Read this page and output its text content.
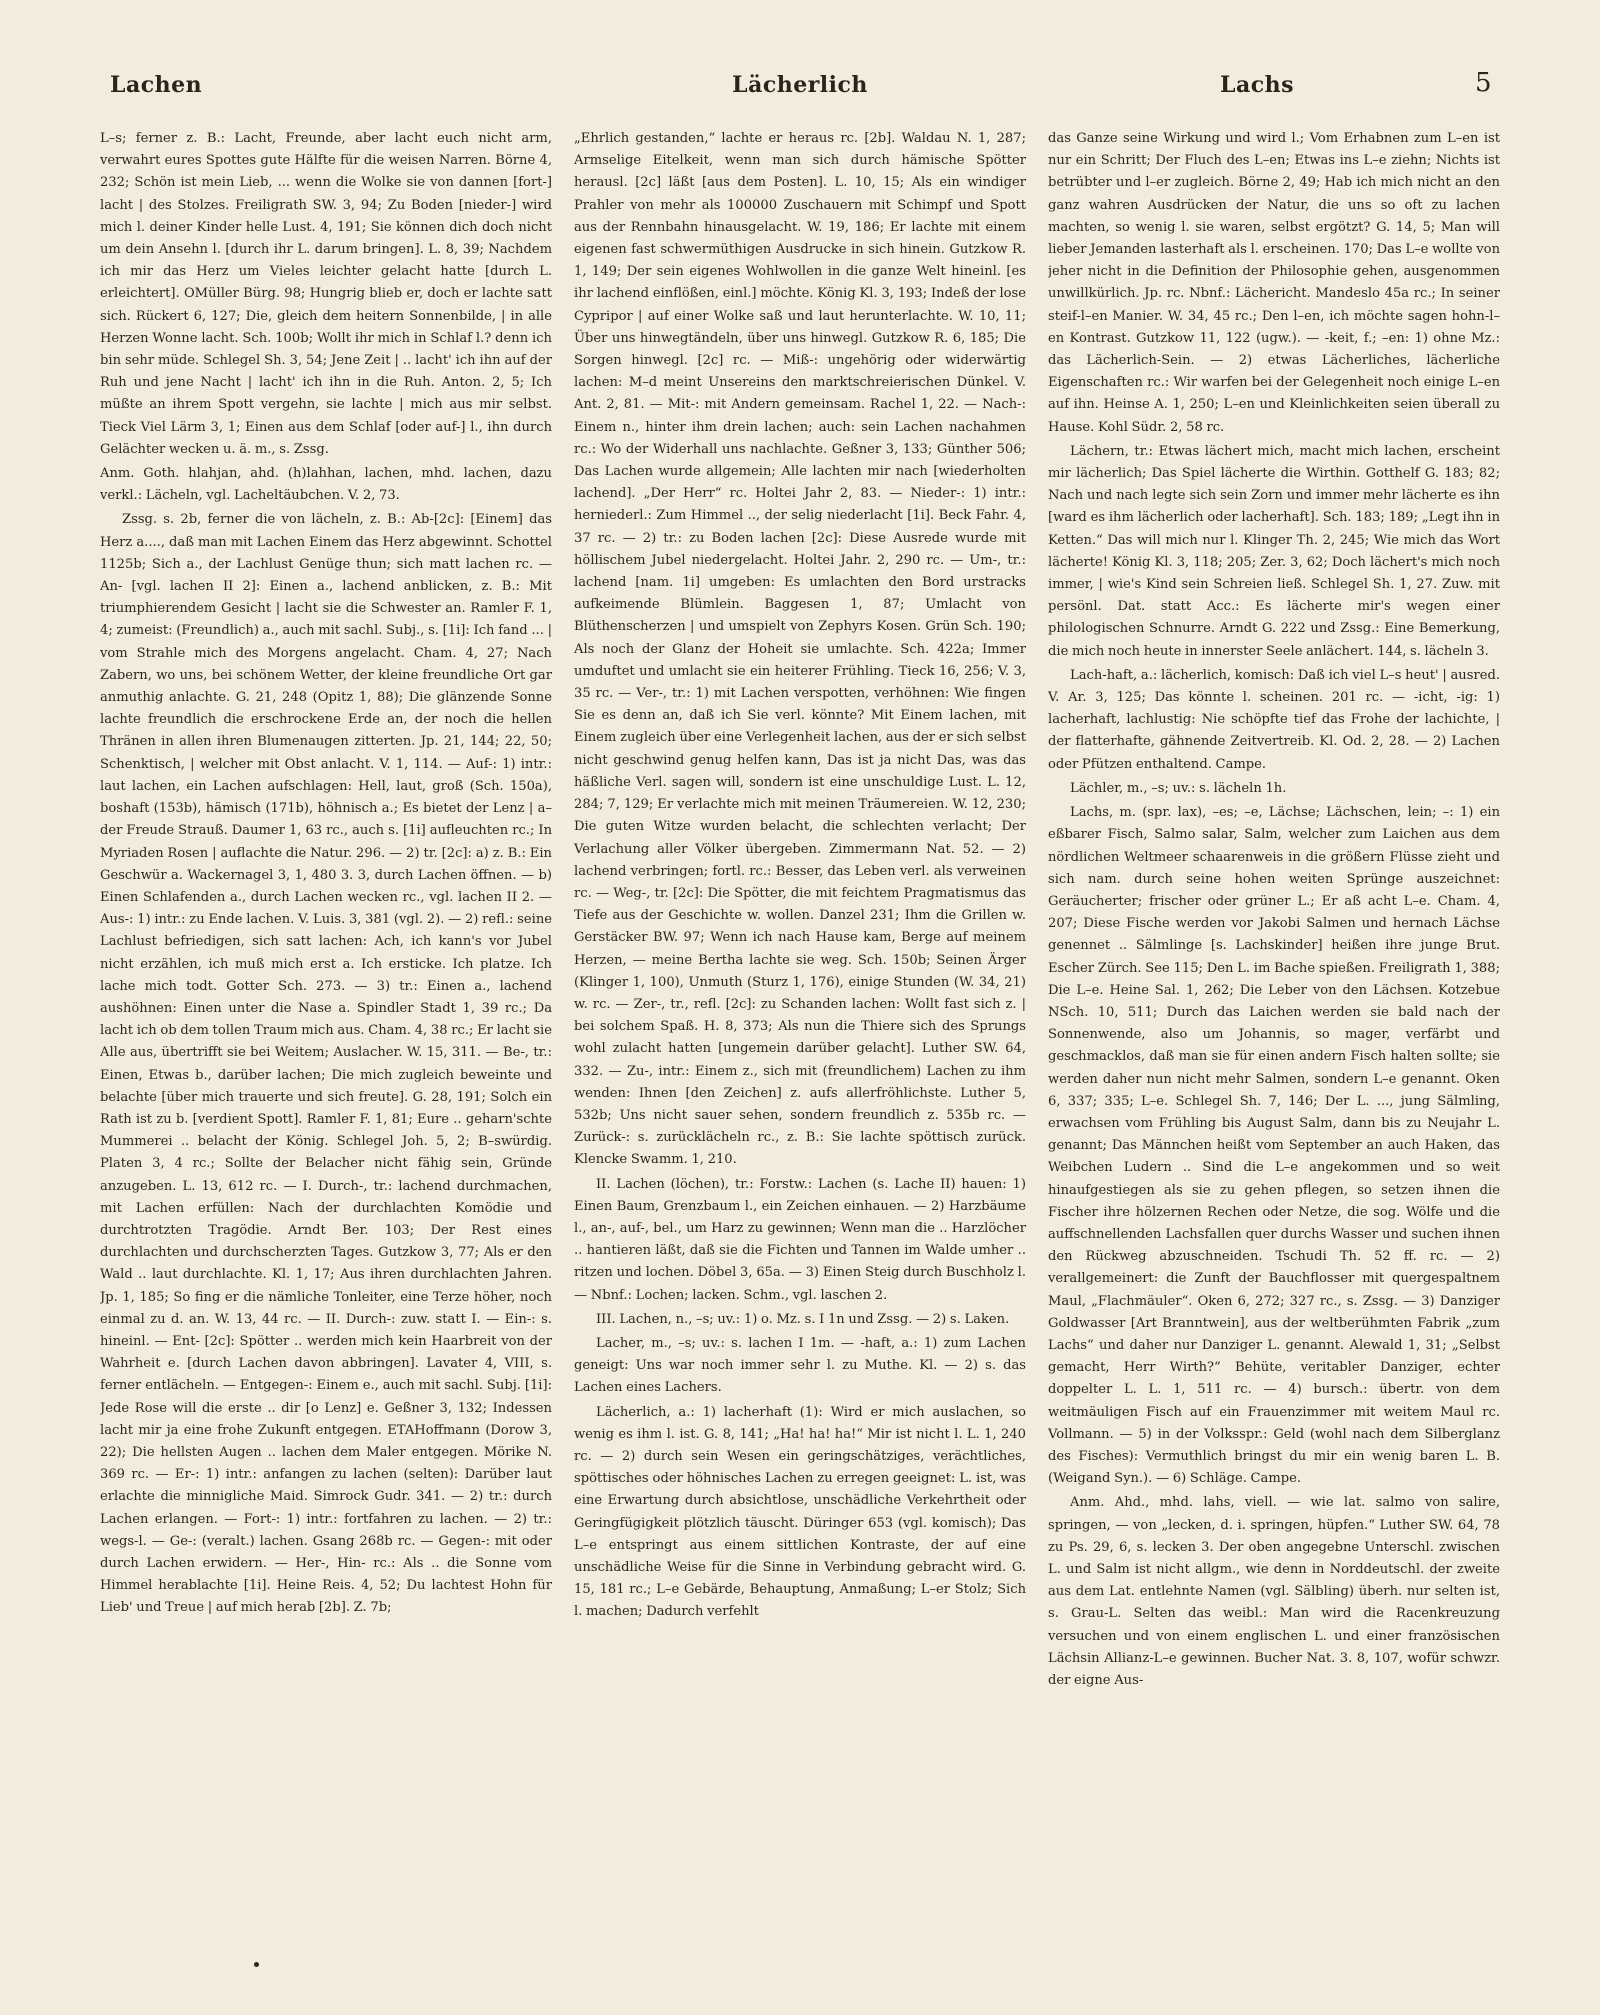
Lachen	Lächerlich	Lachs	5

L–s; ferner z. B.: Lacht, Freunde, aber lacht euch nicht arm, verwahrt eures Spottes gute Hälfte für die weisen Narren. Börne 4, 232; Schön ist mein Lieb, ... wenn die Wolke sie von dannen [fort-] lacht | des Stolzes. Freiligrath SW. 3, 94; Zu Boden [nieder-] wird mich l. deiner Kinder helle Lust. 4, 191; Sie können dich doch nicht um dein Ansehn l. [durch ihr L. darum bringen]. L. 8, 39; Nachdem ich mir das Herz um Vieles leichter gelacht hatte [durch L. erleichtert]. OMüller Bürg. 98; Hungrig blieb er, doch er lachte satt sich. Rückert 6, 127; Die, gleich dem heitern Sonnenbilde, | in alle Herzen Wonne lacht. Sch. 100b; Wollt ihr mich in Schlaf l.? denn ich bin sehr müde. Schlegel Sh. 3, 54; Jene Zeit | .. lacht' ich ihn auf der Ruh und jene Nacht | lacht' ich ihn in die Ruh. Anton. 2, 5; Ich müßte an ihrem Spott vergehn, sie lachte | mich aus mir selbst. Tieck Viel Lärm 3, 1; Einen aus dem Schlaf [oder auf-] l., ihn durch Gelächter wecken u. ä. m., s. Zssg.

Anm. Goth. hlahjan, ahd. (h)lahhan, lachen, mhd. lachen, dazu verkl.: Lächeln, vgl. Lacheltäubchen. V. 2, 73.

Zssg. s. 2b, ferner die von lächeln, z. B.: Ab-[2c]: [Einem] das Herz a...., daß man mit Lachen Einem das Herz abgewinnt. Schottel 1125b; Sich a., der Lachlust Genüge thun; sich matt lachen rc. — An- [vgl. lachen II 2]: Einen a., lachend anblicken, z. B.: Mit triumphierendem Gesicht | lacht sie die Schwester an. Ramler F. 1, 4; zumeist: (Freundlich) a., auch mit sachl. Subj., s. [1i]: Ich fand ... | vom Strahle mich des Morgens angelacht. Cham. 4, 27; Nach Zabern, wo uns, bei schönem Wetter, der kleine freundliche Ort gar anmuthig anlachte. G. 21, 248 (Opitz 1, 88); Die glänzende Sonne lachte freundlich die erschrockene Erde an, der noch die hellen Thränen in allen ihren Blumenaugen zitterten. Jp. 21, 144; 22, 50; Schenktisch, | welcher mit Obst anlacht. V. 1, 114. — Auf-: 1) intr.: laut lachen, ein Lachen aufschlagen: Hell, laut, groß (Sch. 150a), boshaft (153b), hämisch (171b), höhnisch a.; Es bietet der Lenz | a–der Freude Strauß. Daumer 1, 63 rc., auch s. [1i] aufleuchten rc.; In Myriaden Rosen | auflachte die Natur. 296. — 2) tr. [2c]: a) z. B.: Ein Geschwür a. Wackernagel 3, 1, 480 3. 3, durch Lachen öffnen. — b) Einen Schlafenden a., durch Lachen wecken rc., vgl. lachen II 2. — Aus-: 1) intr.: zu Ende lachen. V. Luis. 3, 381 (vgl. 2). — 2) refl.: seine Lachlust befriedigen, sich satt lachen: Ach, ich kann's vor Jubel nicht erzählen, ich muß mich erst a. Ich ersticke. Ich platze. Ich lache mich todt. Gotter Sch. 273. — 3) tr.: Einen a., lachend aushöhnen: Einen unter die Nase a. Spindler Stadt 1, 39 rc.; Da lacht ich ob dem tollen Traum mich aus. Cham. 4, 38 rc.; Er lacht sie Alle aus, übertrifft sie bei Weitem; Auslacher. W. 15, 311. — Be-, tr.: Einen, Etwas b., darüber lachen; Die mich zugleich beweinte und belachte [über mich trauerte und sich freute]. G. 28, 191; Solch ein Rath ist zu b. [verdient Spott]. Ramler F. 1, 81; Eure .. geharn'schte Mummerei .. belacht der König. Schlegel Joh. 5, 2; B–swürdig. Platen 3, 4 rc.; Sollte der Belacher nicht fähig sein, Gründe anzugeben. L. 13, 612 rc. — I. Durch-, tr.: lachend durchmachen, mit Lachen erfüllen: Nach der durchlachten Komödie und durchtrotzten Tragödie. Arndt Ber. 103; Der Rest eines durchlachten und durchscherzten Tages. Gutzkow 3, 77; Als er den Wald .. laut durchlachte. Kl. 1, 17; Aus ihren durchlachten Jahren. Jp. 1, 185; So fing er die nämliche Tonleiter, eine Terze höher, noch einmal zu d. an. W. 13, 44 rc. — II. Durch-: zuw. statt I. — Ein-: s. hineinl. — Ent- [2c]: Spötter .. werden mich kein Haarbreit von der Wahrheit e. [durch Lachen davon abbringen]. Lavater 4, VIII, s. ferner entlächeln. — Entgegen-: Einem e., auch mit sachl. Subj. [1i]: Jede Rose will die erste .. dir [o Lenz] e. Geßner 3, 132; Indessen lacht mir ja eine frohe Zukunft entgegen. ETAHoffmann (Dorow 3, 22); Die hellsten Augen .. lachen dem Maler entgegen. Mörike N. 369 rc. — Er-: 1) intr.: anfangen zu lachen (selten): Darüber laut erlachte die minnigliche Maid. Simrock Gudr. 341. — 2) tr.: durch Lachen erlangen. — Fort-: 1) intr.: fortfahren zu lachen. — 2) tr.: wegs-l. — Ge-: (veralt.) lachen. Gsang 268b rc. — Gegen-: mit oder durch Lachen erwidern. — Her-, Hin- rc.: Als .. die Sonne vom Himmel herablachte [1i]. Heine Reis. 4, 52; Du lachtest Hohn für Lieb' und Treue | auf mich herab [2b]. Z. 7b;

„Ehrlich gestanden,“ lachte er heraus rc. [2b]. Waldau N. 1, 287; Armselige Eitelkeit, wenn man sich durch hämische Spötter herausl. [2c] läßt [aus dem Posten]. L. 10, 15; Als ein windiger Prahler von mehr als 100000 Zuschauern mit Schimpf und Spott aus der Rennbahn hinausgelacht. W. 19, 186; Er lachte mit einem eigenen fast schwermüthigen Ausdrucke in sich hinein. Gutzkow R. 1, 149; Der sein eigenes Wohlwollen in die ganze Welt hineinl. [es ihr lachend einflößen, einl.] möchte. König Kl. 3, 193; Indeß der lose Cypripor | auf einer Wolke saß und laut herunterlachte. W. 10, 11; Über uns hinwegtändeln, über uns hinwegl. Gutzkow R. 6, 185; Die Sorgen hinwegl. [2c] rc. — Miß-: ungehörig oder widerwärtig lachen: M–d meint Unsereins den marktschreierischen Dünkel. V. Ant. 2, 81. — Mit-: mit Andern gemeinsam. Rachel 1, 22. — Nach-: Einem n., hinter ihm drein lachen; auch: sein Lachen nachahmen rc.: Wo der Widerhall uns nachlachte. Geßner 3, 133; Günther 506; Das Lachen wurde allgemein; Alle lachten mir nach [wiederholten lachend]. „Der Herr“ rc. Holtei Jahr 2, 83. — Nieder-: 1) intr.: herniederl.: Zum Himmel .., der selig niederlacht [1i]. Beck Fahr. 4, 37 rc. — 2) tr.: zu Boden lachen [2c]: Diese Ausrede wurde mit höllischem Jubel niedergelacht. Holtei Jahr. 2, 290 rc. — Um-, tr.: lachend [nam. 1i] umgeben: Es umlachten den Bord urstracks aufkeimende Blümlein. Baggesen 1, 87; Umlacht von Blüthenscherzen | und umspielt von Zephyrs Kosen. Grün Sch. 190; Als noch der Glanz der Hoheit sie umlachte. Sch. 422a; Immer umduftet und umlacht sie ein heiterer Frühling. Tieck 16, 256; V. 3, 35 rc. — Ver-, tr.: 1) mit Lachen verspotten, verhöhnen: Wie fingen Sie es denn an, daß ich Sie verl. könnte? Mit Einem lachen, mit Einem zugleich über eine Verlegenheit lachen, aus der er sich selbst nicht geschwind genug helfen kann, Das ist ja nicht Das, was das häßliche Verl. sagen will, sondern ist eine unschuldige Lust. L. 12, 284; 7, 129; Er verlachte mich mit meinen Träumereien. W. 12, 230; Die guten Witze wurden belacht, die schlechten verlacht; Der Verlachung aller Völker übergeben. Zimmermann Nat. 52. — 2) lachend verbringen; fortl. rc.: Besser, das Leben verl. als verweinen rc. — Weg-, tr. [2c]: Die Spötter, die mit feichtem Pragmatismus das Tiefe aus der Geschichte w. wollen. Danzel 231; Ihm die Grillen w. Gerstäcker BW. 97; Wenn ich nach Hause kam, Berge auf meinem Herzen, — meine Bertha lachte sie weg. Sch. 150b; Seinen Ärger (Klinger 1, 100), Unmuth (Sturz 1, 176), einige Stunden (W. 34, 21) w. rc. — Zer-, tr., refl. [2c]: zu Schanden lachen: Wollt fast sich z. | bei solchem Spaß. H. 8, 373; Als nun die Thiere sich des Sprungs wohl zulacht hatten [ungemein darüber gelacht]. Luther SW. 64, 332. — Zu-, intr.: Einem z., sich mit (freundlichem) Lachen zu ihm wenden: Ihnen [den Zeichen] z. aufs allerfröhlichste. Luther 5, 532b; Uns nicht sauer sehen, sondern freundlich z. 535b rc. — Zurück-: s. zurücklächeln rc., z. B.: Sie lachte spöttisch zurück. Klencke Swamm. 1, 210.

II. Lachen (löchen), tr.: Forstw.: Lachen (s. Lache II) hauen: 1) Einen Baum, Grenzbaum l., ein Zeichen einhauen. — 2) Harzbäume l., an-, auf-, bel., um Harz zu gewinnen; Wenn man die .. Harzlöcher .. hantieren läßt, daß sie die Fichten und Tannen im Walde umher .. ritzen und lochen. Döbel 3, 65a. — 3) Einen Steig durch Buschholz l. — Nbnf.: Lochen; lacken. Schm., vgl. laschen 2.

III. Lachen, n., –s; uv.: 1) o. Mz. s. I 1n und Zssg. — 2) s. Laken.

Lacher, m., –s; uv.: s. lachen I 1m. — -haft, a.: 1) zum Lachen geneigt: Uns war noch immer sehr l. zu Muthe. Kl. — 2) s. das Lachen eines Lachers.

Lächerlich, a.: 1) lacherhaft (1): Wird er mich auslachen, so wenig es ihm l. ist. G. 8, 141; „Ha! ha! ha!“ Mir ist nicht l. L. 1, 240 rc. — 2) durch sein Wesen ein geringschätziges, verächtliches, spöttisches oder höhnisches Lachen zu erregen geeignet: L. ist, was eine Erwartung durch absichtlose, unschädliche Verkehrtheit oder Geringfügigkeit plötzlich täuscht. Düringer 653 (vgl. komisch); Das L–e entspringt aus einem sittlichen Kontraste, der auf eine unschädliche Weise für die Sinne in Verbindung gebracht wird. G. 15, 181 rc.; L–e Gebärde, Behauptung, Anmaßung; L–er Stolz; Sich l. machen; Dadurch verfehlt

das Ganze seine Wirkung und wird l.; Vom Erhabnen zum L–en ist nur ein Schritt; Der Fluch des L–en; Etwas ins L–e ziehn; Nichts ist betrübter und l–er zugleich. Börne 2, 49; Hab ich mich nicht an den ganz wahren Ausdrücken der Natur, die uns so oft zu lachen machten, so wenig l. sie waren, selbst ergötzt? G. 14, 5; Man will lieber Jemanden lasterhaft als l. erscheinen. 170; Das L–e wollte von jeher nicht in die Definition der Philosophie gehen, ausgenommen unwillkürlich. Jp. rc. Nbnf.: Lächericht. Mandeslo 45a rc.; In seiner steif-l–en Manier. W. 34, 45 rc.; Den l–en, ich möchte sagen hohn-l–en Kontrast. Gutzkow 11, 122 (ugw.). — -keit, f.; –en: 1) ohne Mz.: das Lächerlich-Sein. — 2) etwas Lächerliches, lächerliche Eigenschaften rc.: Wir warfen bei der Gelegenheit noch einige L–en auf ihn. Heinse A. 1, 250; L–en und Kleinlichkeiten seien überall zu Hause. Kohl Südr. 2, 58 rc.

Lächern, tr.: Etwas lächert mich, macht mich lachen, erscheint mir lächerlich; Das Spiel lächerte die Wirthin. Gotthelf G. 183; 82; Nach und nach legte sich sein Zorn und immer mehr lächerte es ihn [ward es ihm lächerlich oder lacherhaft]. Sch. 183; 189; „Legt ihn in Ketten.“ Das will mich nur l. Klinger Th. 2, 245; Wie mich das Wort lächerte! König Kl. 3, 118; 205; Zer. 3, 62; Doch lächert's mich noch immer, | wie's Kind sein Schreien ließ. Schlegel Sh. 1, 27. Zuw. mit persönl. Dat. statt Acc.: Es lächerte mir's wegen einer philologischen Schnurre. Arndt G. 222 und Zssg.: Eine Bemerkung, die mich noch heute in innerster Seele anlächert. 144, s. lächeln 3.

Lach-haft, a.: lächerlich, komisch: Daß ich viel L–s heut' | ausred. V. Ar. 3, 125; Das könnte l. scheinen. 201 rc. — -icht, -ig: 1) lacherhaft, lachlustig: Nie schöpfte tief das Frohe der lachichte, | der flatterhafte, gähnende Zeitvertreib. Kl. Od. 2, 28. — 2) Lachen oder Pfützen enthaltend. Campe.

Lächler, m., –s; uv.: s. lächeln 1h.

Lachs, m. (spr. lax), –es; –e, Lächse; Lächschen, lein; –: 1) ein eßbarer Fisch, Salmo salar, Salm, welcher zum Laichen aus dem nördlichen Weltmeer schaarenweis in die größern Flüsse zieht und sich nam. durch seine hohen weiten Sprünge auszeichnet: Geräucherter; frischer oder grüner L.; Er aß acht L–e. Cham. 4, 207; Diese Fische werden vor Jakobi Salmen und hernach Lächse genennet .. Sälmlinge [s. Lachskinder] heißen ihre junge Brut. Escher Zürch. See 115; Den L. im Bache spießen. Freiligrath 1, 388; Die L–e. Heine Sal. 1, 262; Die Leber von den Lächsen. Kotzebue NSch. 10, 511; Durch das Laichen werden sie bald nach der Sonnenwende, also um Johannis, so mager, verfärbt und geschmacklos, daß man sie für einen andern Fisch halten sollte; sie werden daher nun nicht mehr Salmen, sondern L–e genannt. Oken 6, 337; 335; L–e. Schlegel Sh. 7, 146; Der L. ..., jung Sälmling, erwachsen vom Frühling bis August Salm, dann bis zu Neujahr L. genannt; Das Männchen heißt vom September an auch Haken, das Weibchen Ludern .. Sind die L–e angekommen und so weit hinaufgestiegen als sie zu gehen pflegen, so setzen ihnen die Fischer ihre hölzernen Rechen oder Netze, die sog. Wölfe und die auffschnellenden Lachsfallen quer durchs Wasser und suchen ihnen den Rückweg abzuschneiden. Tschudi Th. 52 ff. rc. — 2) verallgemeinert: die Zunft der Bauchflosser mit quergespaltnem Maul, „Flachmäuler“. Oken 6, 272; 327 rc., s. Zssg. — 3) Danziger Goldwasser [Art Branntwein], aus der weltberühmten Fabrik „zum Lachs“ und daher nur Danziger L. genannt. Alewald 1, 31; „Selbst gemacht, Herr Wirth?“ Behüte, veritabler Danziger, echter doppelter L. L. 1, 511 rc. — 4) bursch.: übertr. von dem weitmäuligen Fisch auf ein Frauenzimmer mit weitem Maul rc. Vollmann. — 5) in der Volksspr.: Geld (wohl nach dem Silberglanz des Fisches): Vermuthlich bringst du mir ein wenig baren L. B. (Weigand Syn.). — 6) Schläge. Campe.

Anm. Ahd., mhd. lahs, viell. — wie lat. salmo von salire, springen, — von „lecken, d. i. springen, hüpfen.“ Luther SW. 64, 78 zu Ps. 29, 6, s. lecken 3. Der oben angegebne Unterschl. zwischen L. und Salm ist nicht allgm., wie denn in Norddeutschl. der zweite aus dem Lat. entlehnte Namen (vgl. Sälbling) überh. nur selten ist, s. Grau-L. Selten das weibl.: Man wird die Racenkreuzung versuchen und von einem englischen L. und einer französischen Lächsin Allianz-L–e gewinnen. Bucher Nat. 3. 8, 107, wofür schwzr. der eigne Aus-
